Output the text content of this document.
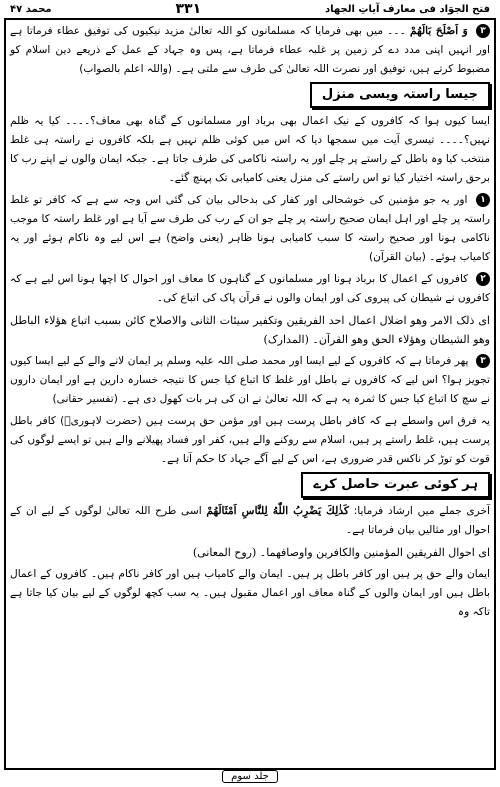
فتح الجوَاد فی معارف آیاتِ الجهاد
۳۳۱
محمد ۴۷

۳ وَ اَصْلَحَ بَالَهُمْ ۔۔۔ میں بھی فرمایا کہ مسلمانوں کو اللہ تعالیٰ مزید نیکیوں کی توفیق عطاء فرماتا ہے اور انہیں اپنی مدد دے کر زمین پر غلبہ عطاء فرماتا ہے، پس وہ جہاد کے عمل کے ذریعے دین اسلام کو مضبوط کرتے ہیں، توفیق اور نصرت اللہ تعالیٰ کی طرف سے ملتی ہے۔ (واللہ اعلم بالصواب)

جیسا راستہ ویسی منزل

ایسا کیوں ہوا کہ کافروں کے نیک اعمال بھی برباد اور مسلمانوں کے گناہ بھی معاف؟۔۔۔۔ کیا یہ ظلم نہیں؟۔۔۔۔ تیسری آیت میں سمجھا دیا کہ اس میں کوئی ظلم نہیں ہے بلکہ کافروں نے راستہ ہی غلط منتخب کیا وہ باطل کے راستے پر چلے اور یہ راستہ ناکامی کی طرف جاتا ہے۔ جبکہ ایمان والوں نے اپنے رب کا برحق راستہ اختیار کیا تو اس راستے کی منزل یعنی کامیابی تک پہنچ گئے۔

۱ اور یہ جو مؤمنین کی خوشحالی اور کفار کی بدحالی بیان کی گئی اس وجہ سے ہے کہ کافر تو غلط راستہ پر چلے اور اہل ایمان صحیح راستہ پر چلے جو ان کے رب کی طرف سے آیا ہے اور غلط راستہ کا موجب ناکامی ہونا اور صحیح راستہ کا سبب کامیابی ہونا ظاہر (یعنی واضح) ہے اس لیے وہ ناکام ہوئے اور یہ کامیاب ہوئے۔ (بیان القرآن)

۲ کافروں کے اعمال کا برباد ہونا اور مسلمانوں کے گناہوں کا معاف اور احوال کا اچھا ہونا اس لیے ہے کہ کافروں نے شیطان کی پیروی کی اور ایمان والوں نے قرآن پاک کی اتباع کی۔

ای ذلک الامر وھو اضلال اعمال احد الفریقین وتکفیر سیئات الثانی والاصلاح کائن بسبب اتباع ھؤلاء الباطل وھو الشیطان وھؤلاء الحق وھو القرآن۔ (المدارک)

۳ پھر فرماتا ہے کہ کافروں کے لیے ایسا اور محمد صلی اللہ علیہ وسلم پر ایمان لانے والے کے لیے ایسا کیوں تجویز ہوا؟ اس لیے کہ کافروں نے باطل اور غلط کا اتباع کیا جس کا نتیجہ خسارہ دارین ہے اور ایمان داروں نے سچ کا اتباع کیا جس کا ثمرہ یہ ہے کہ اللہ تعالیٰ نے ان کی ہر بات کھول دی ہے۔ (تفسیر حقانی)

یہ فرق اس واسطے ہے کہ کافر باطل پرست ہیں اور مؤمن حق پرست ہیں (حضرت لاہوریؒ) کافر باطل پرست ہیں، غلط راستے پر ہیں، اسلام سے روکنے والے ہیں، کفر اور فساد پھیلانے والے ہیں تو ایسے لوگوں کی قوت کو توڑ کر ناکس قدر ضروری ہے، اس کے لیے آگے جہاد کا حکم آتا ہے۔

ہر کوئی عبرت حاصل کرے

آخری جملے میں ارشاد فرمایا: كَذٰلِكَ يَضْرِبُ اللّٰهُ لِلنَّاسِ اَمْثَالَهُمْ اسی طرح اللہ تعالیٰ لوگوں کے لیے ان کے احوال اور مثالیں بیان فرماتا ہے۔

ای احوال الفریقین المؤمنین والکافرین واوصافھما۔ (روح المعانی)

ایمان والے حق پر ہیں اور کافر باطل پر ہیں۔ ایمان والے کامیاب ہیں اور کافر ناکام ہیں۔ کافروں کے اعمال باطل ہیں اور ایمان والوں کے گناہ معاف اور اعمال مقبول ہیں۔ یہ سب کچھ لوگوں کے لیے بیان کیا جاتا ہے تاکہ وہ

جلد سوم
